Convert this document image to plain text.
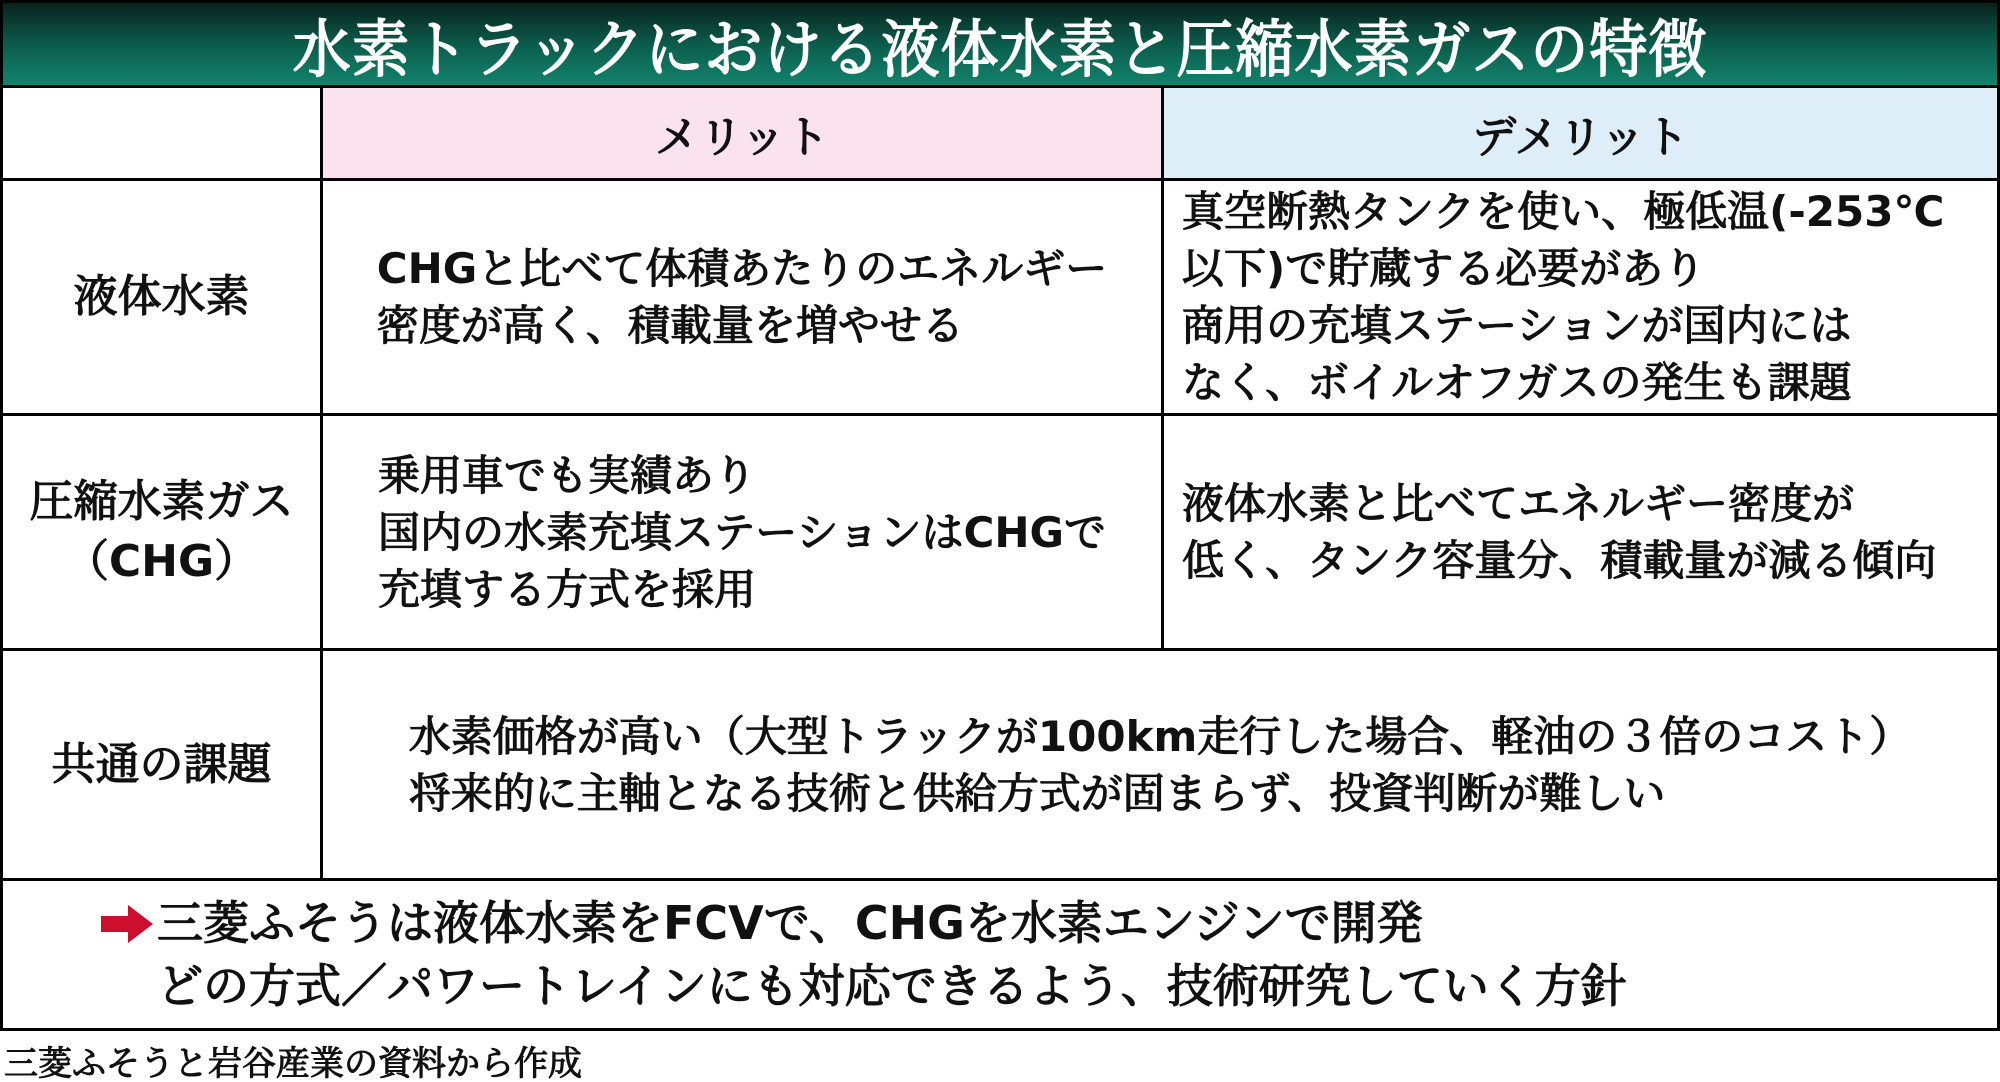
水素トラックにおける液体水素と圧縮水素ガスの特徴
メリット	デメリット
液体水素
CHGと比べて体積あたりのエネルギー
密度が高く、積載量を増やせる
真空断熱タンクを使い、極低温(-253℃
以下)で貯蔵する必要があり
商用の充填ステーションが国内には
なく、ボイルオフガスの発生も課題
圧縮水素ガス
（CHG）
乗用車でも実績あり
国内の水素充填ステーションはCHGで
充填する方式を採用
液体水素と比べてエネルギー密度が
低く、タンク容量分、積載量が減る傾向
共通の課題
水素価格が高い（大型トラックが100km走行した場合、軽油の３倍のコスト）
将来的に主軸となる技術と供給方式が固まらず、投資判断が難しい
三菱ふそうは液体水素をFCVで、CHGを水素エンジンで開発
どの方式／パワートレインにも対応できるよう、技術研究していく方針
三菱ふそうと岩谷産業の資料から作成
